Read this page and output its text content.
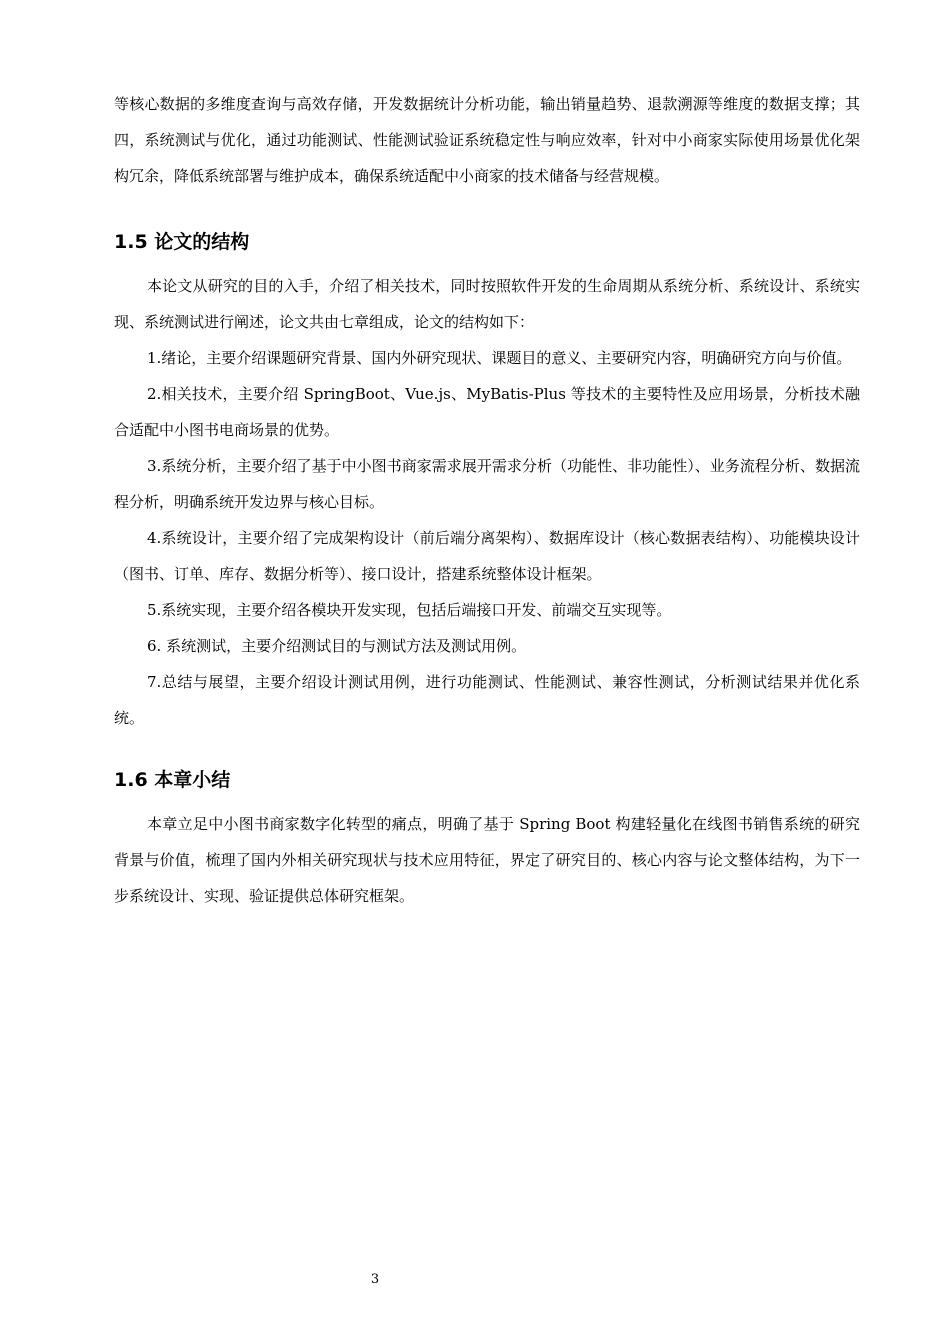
等核心数据的多维度查询与高效存储，开发数据统计分析功能，输出销量趋势、退款溯源等维度的数据支撑；其四，系统测试与优化，通过功能测试、性能测试验证系统稳定性与响应效率，针对中小商家实际使用场景优化架构冗余，降低系统部署与维护成本，确保系统适配中小商家的技术储备与经营规模。

1.5 论文的结构

本论文从研究的目的入手，介绍了相关技术，同时按照软件开发的生命周期从系统分析、系统设计、系统实现、系统测试进行阐述，论文共由七章组成，论文的结构如下：

1.绪论，主要介绍课题研究背景、国内外研究现状、课题目的意义、主要研究内容，明确研究方向与价值。

2.相关技术，主要介绍 SpringBoot、Vue.js、MyBatis-Plus 等技术的主要特性及应用场景，分析技术融合适配中小图书电商场景的优势。

3.系统分析，主要介绍了基于中小图书商家需求展开需求分析（功能性、非功能性）、业务流程分析、数据流程分析，明确系统开发边界与核心目标。

4.系统设计，主要介绍了完成架构设计（前后端分离架构）、数据库设计（核心数据表结构）、功能模块设计（图书、订单、库存、数据分析等）、接口设计，搭建系统整体设计框架。

5.系统实现，主要介绍各模块开发实现，包括后端接口开发、前端交互实现等。

6. 系统测试，主要介绍测试目的与测试方法及测试用例。

7.总结与展望，主要介绍设计测试用例，进行功能测试、性能测试、兼容性测试，分析测试结果并优化系统。

1.6 本章小结

本章立足中小图书商家数字化转型的痛点，明确了基于 Spring Boot 构建轻量化在线图书销售系统的研究背景与价值，梳理了国内外相关研究现状与技术应用特征，界定了研究目的、核心内容与论文整体结构，为下一步系统设计、实现、验证提供总体研究框架。

3
